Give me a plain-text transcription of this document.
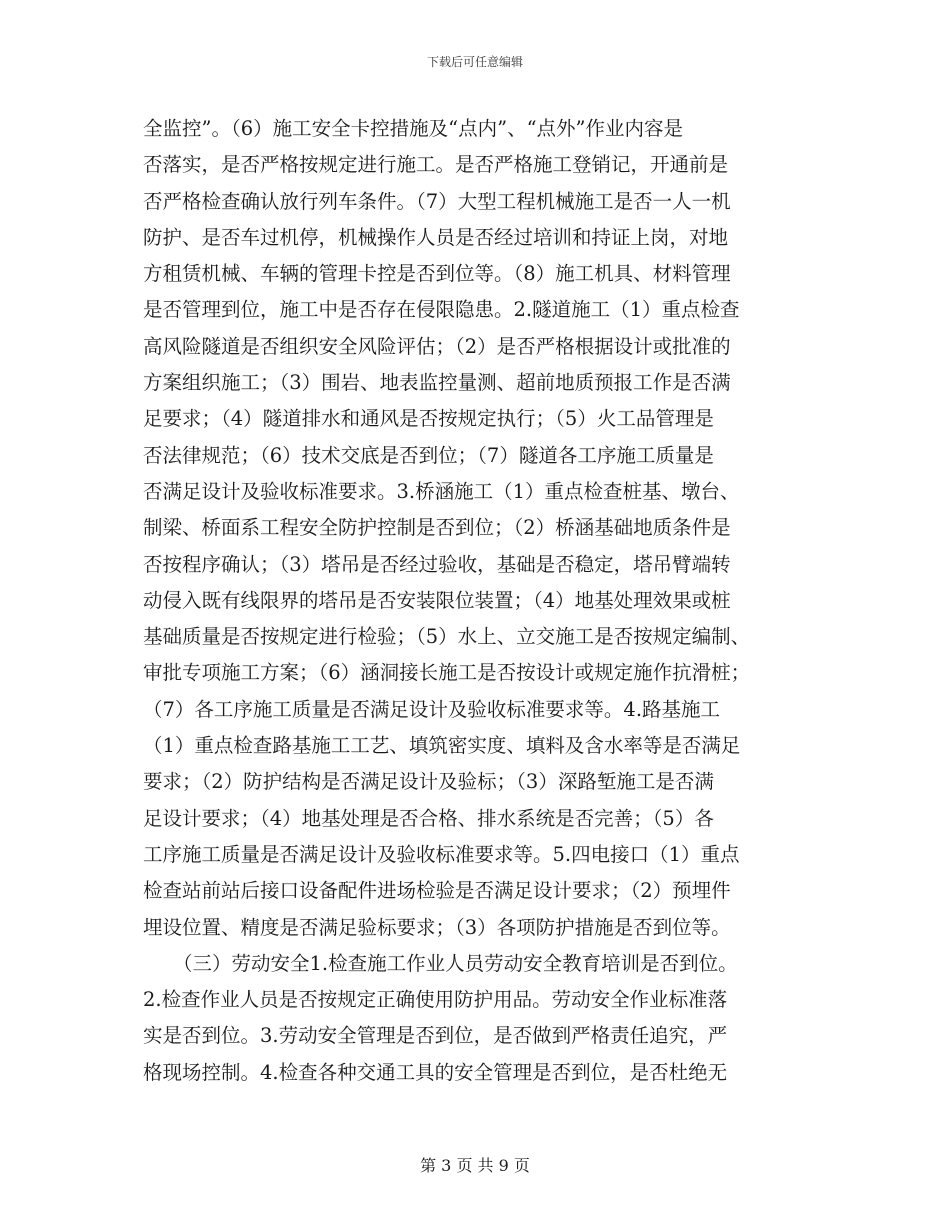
下载后可任意编辑
全监控”。（6）施工安全卡控措施及“点内”、“点外”作业内容是
否落实，是否严格按规定进行施工。是否严格施工登销记，开通前是
否严格检查确认放行列车条件。（7）大型工程机械施工是否一人一机
防护、是否车过机停，机械操作人员是否经过培训和持证上岗，对地
方租赁机械、车辆的管理卡控是否到位等。（8）施工机具、材料管理
是否管理到位，施工中是否存在侵限隐患。2.隧道施工（1）重点检查
高风险隧道是否组织安全风险评估；（2）是否严格根据设计或批准的
方案组织施工；（3）围岩、地表监控量测、超前地质预报工作是否满
足要求；（4）隧道排水和通风是否按规定执行；（5）火工品管理是
否法律规范；（6）技术交底是否到位；（7）隧道各工序施工质量是
否满足设计及验收标准要求。3.桥涵施工（1）重点检查桩基、墩台、
制梁、桥面系工程安全防护控制是否到位；（2）桥涵基础地质条件是
否按程序确认；（3）塔吊是否经过验收，基础是否稳定，塔吊臂端转
动侵入既有线限界的塔吊是否安装限位装置；（4）地基处理效果或桩
基础质量是否按规定进行检验；（5）水上、立交施工是否按规定编制、
审批专项施工方案；（6）涵洞接长施工是否按设计或规定施作抗滑桩；
（7）各工序施工质量是否满足设计及验收标准要求等。4.路基施工
（1）重点检查路基施工工艺、填筑密实度、填料及含水率等是否满足
要求；（2）防护结构是否满足设计及验标；（3）深路堑施工是否满
足设计要求；（4）地基处理是否合格、排水系统是否完善；（5）各
工序施工质量是否满足设计及验收标准要求等。5.四电接口（1）重点
检查站前站后接口设备配件进场检验是否满足设计要求；（2）预埋件
埋设位置、精度是否满足验标要求；（3）各项防护措施是否到位等。
（三）劳动安全1.检查施工作业人员劳动安全教育培训是否到位。
2.检查作业人员是否按规定正确使用防护用品。劳动安全作业标准落
实是否到位。3.劳动安全管理是否到位，是否做到严格责任追究，严
格现场控制。4.检查各种交通工具的安全管理是否到位，是否杜绝无
第 3 页 共 9 页
